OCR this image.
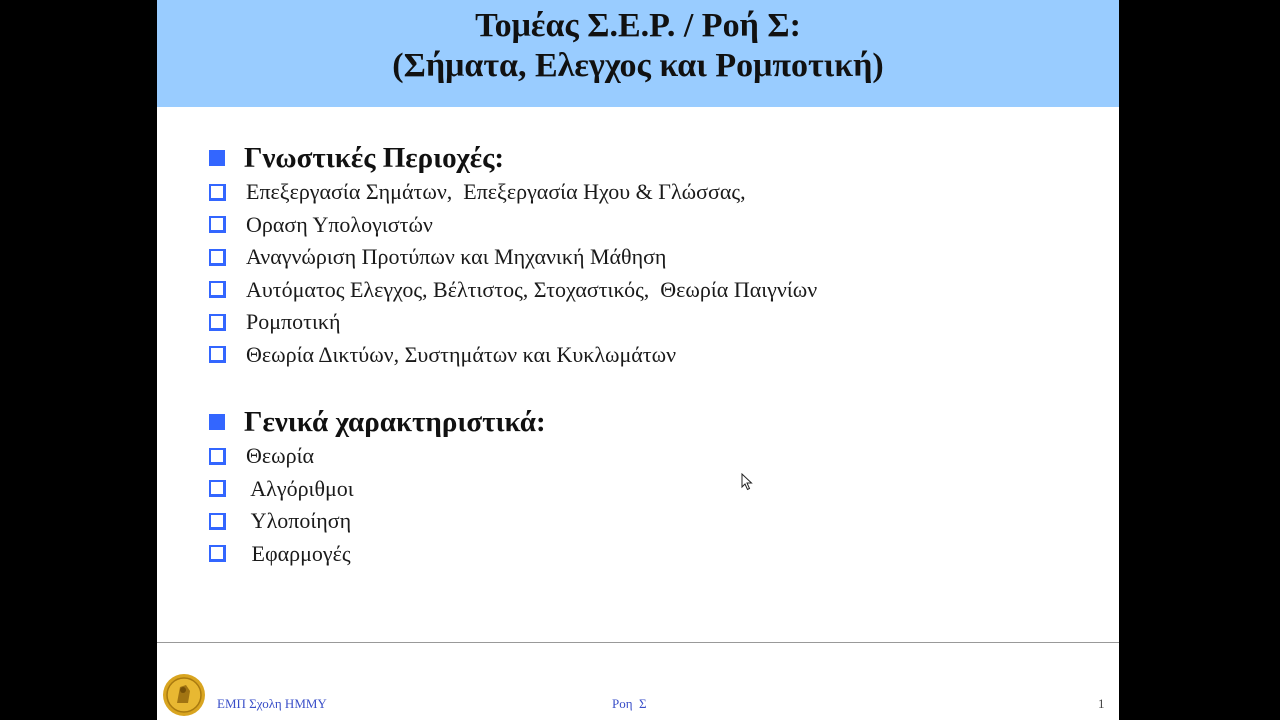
Τομέας Σ.Ε.Ρ. / Ροή Σ:
(Σήματα, Ελεγχος και Ρομποτική)
Γνωστικές Περιοχές:
Επεξεργασία Σημάτων,  Επεξεργασία Ηχου & Γλώσσας,
Οραση Υπολογιστών
Αναγνώριση Προτύπων και Μηχανική Μάθηση
Αυτόματος Ελεγχος, Βέλτιστος, Στοχαστικός,  Θεωρία Παιγνίων
Ρομποτική
Θεωρία Δικτύων, Συστημάτων και Κυκλωμάτων
Γενικά χαρακτηριστικά:
Θεωρία
Αλγόριθμοι
Υλοποίηση
Εφαρμογές
ΕΜΠ Σχολη ΗΜΜΥ	Ροη  Σ	1
